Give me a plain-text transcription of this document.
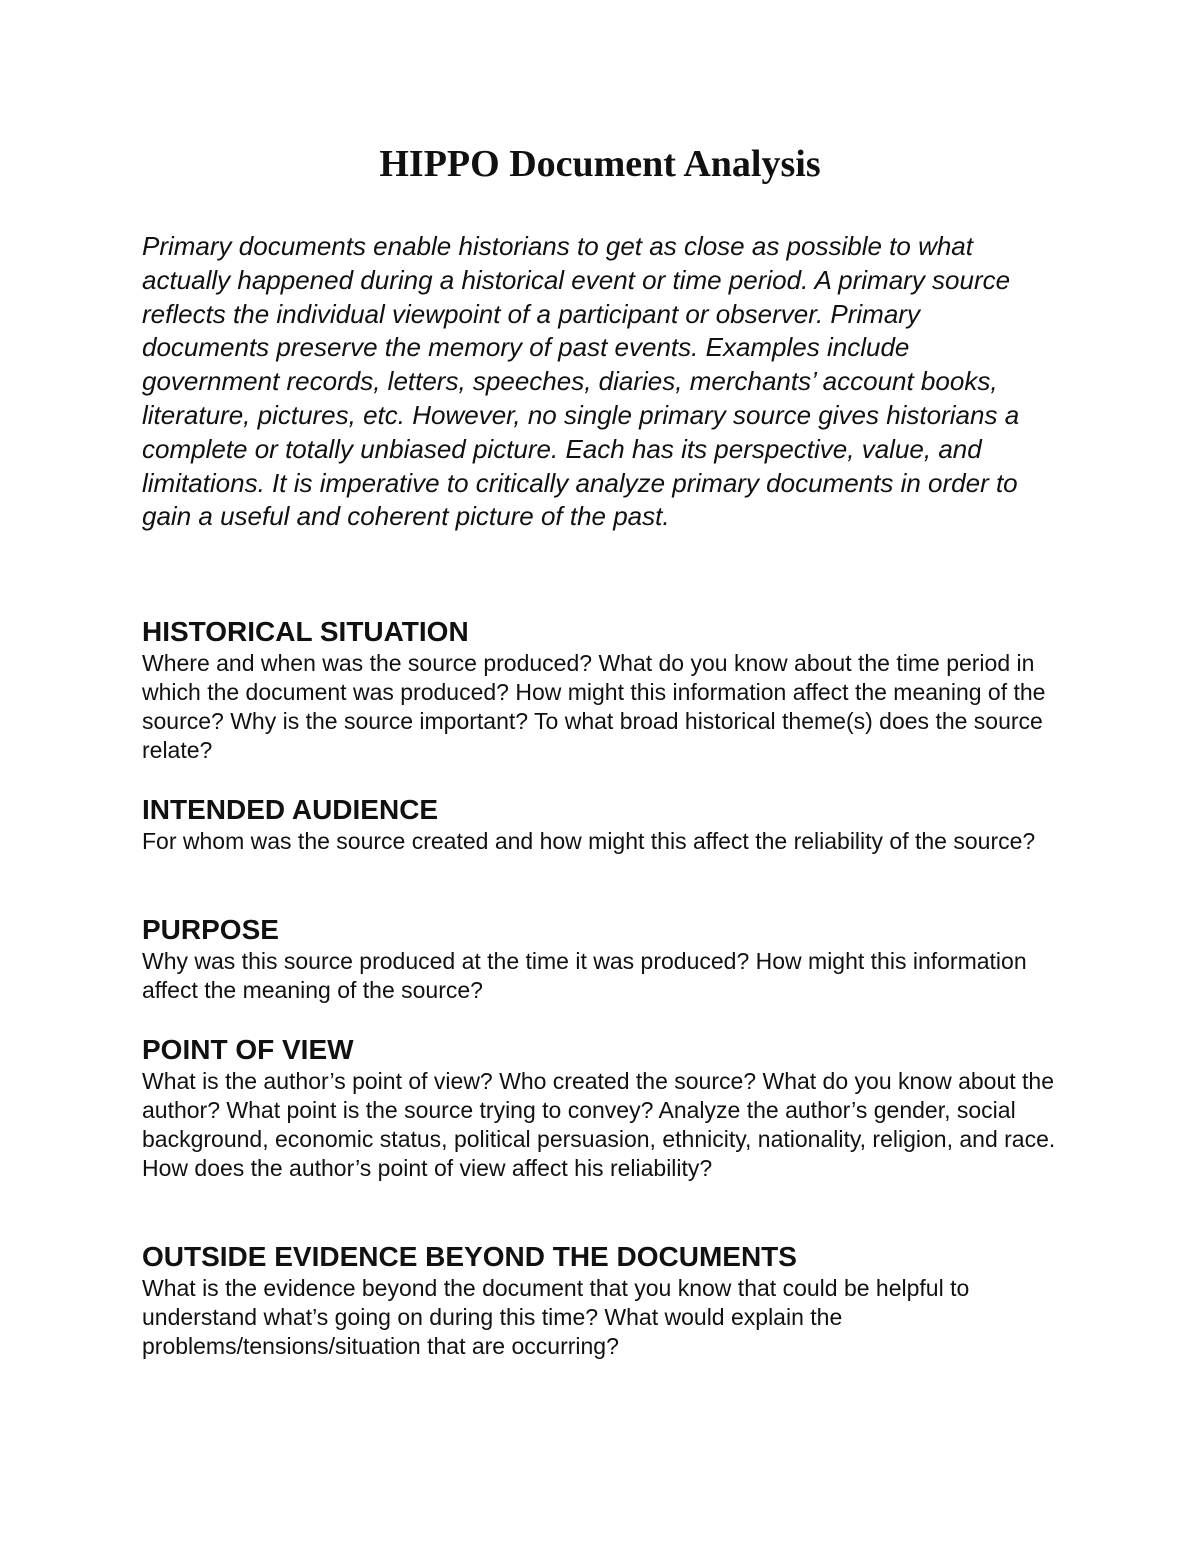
HIPPO Document Analysis

Primary documents enable historians to get as close as possible to what actually happened during a historical event or time period. A primary source reflects the individual viewpoint of a participant or observer. Primary documents preserve the memory of past events. Examples include government records, letters, speeches, diaries, merchants’ account books, literature, pictures, etc. However, no single primary source gives historians a complete or totally unbiased picture. Each has its perspective, value, and limitations. It is imperative to critically analyze primary documents in order to gain a useful and coherent picture of the past.

HISTORICAL SITUATION

Where and when was the source produced? What do you know about the time period in which the document was produced? How might this information affect the meaning of the source? Why is the source important? To what broad historical theme(s) does the source relate?

INTENDED AUDIENCE

For whom was the source created and how might this affect the reliability of the source?

PURPOSE

Why was this source produced at the time it was produced? How might this information affect the meaning of the source?

POINT OF VIEW

What is the author’s point of view? Who created the source? What do you know about the author? What point is the source trying to convey? Analyze the author’s gender, social background, economic status, political persuasion, ethnicity, nationality, religion, and race. How does the author’s point of view affect his reliability?

OUTSIDE EVIDENCE BEYOND THE DOCUMENTS

What is the evidence beyond the document that you know that could be helpful to understand what’s going on during this time? What would explain the problems/tensions/situation that are occurring?
